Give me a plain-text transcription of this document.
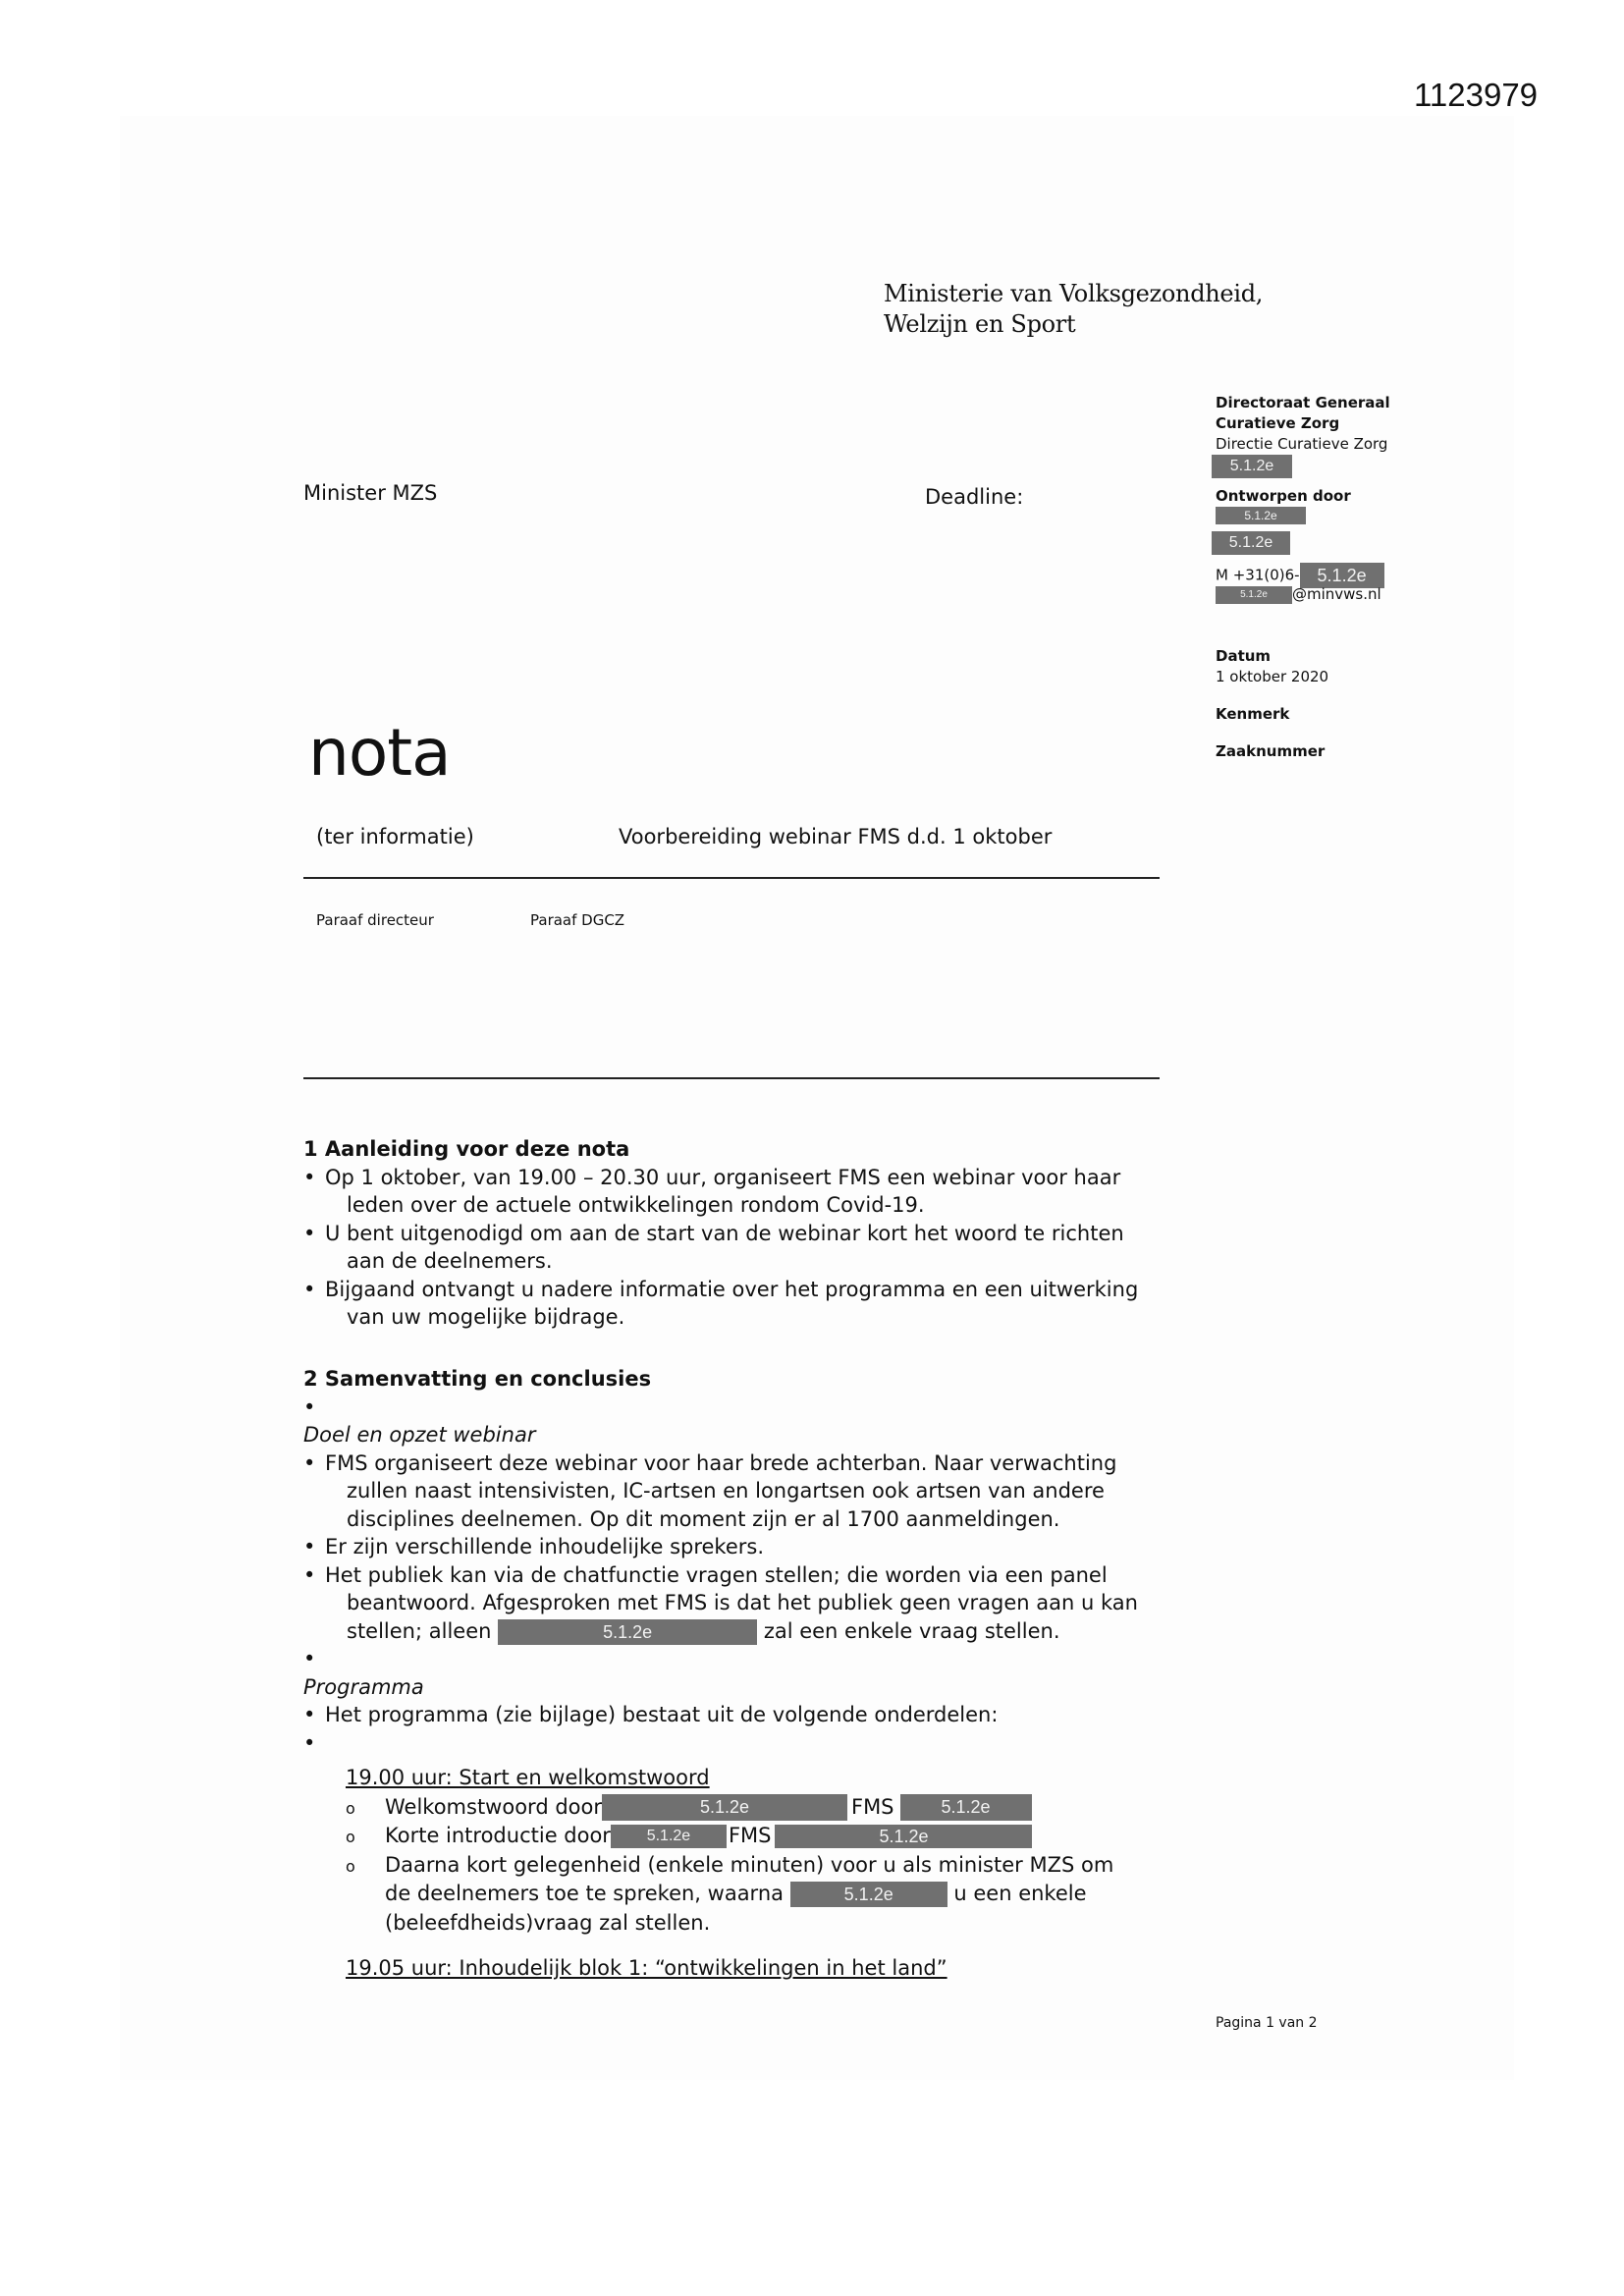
1123979
Ministerie van Volksgezondheid,
Welzijn en Sport
Minister MZS	Deadline:
Directoraat Generaal
Curatieve Zorg
Directie Curatieve Zorg
5.1.2e
Ontworpen door
5.1.2e
5.1.2e
M +31(0)6- 5.1.2e
5.1.2e @minvws.nl
Datum
1 oktober 2020
Kenmerk
Zaaknummer
nota
(ter informatie)	Voorbereiding webinar FMS d.d. 1 oktober
Paraaf directeur	Paraaf DGCZ
1 Aanleiding voor deze nota
• Op 1 oktober, van 19.00 – 20.30 uur, organiseert FMS een webinar voor haar
leden over de actuele ontwikkelingen rondom Covid-19.
• U bent uitgenodigd om aan de start van de webinar kort het woord te richten
aan de deelnemers.
• Bijgaand ontvangt u nadere informatie over het programma en een uitwerking
van uw mogelijke bijdrage.
2 Samenvatting en conclusies
•
Doel en opzet webinar
• FMS organiseert deze webinar voor haar brede achterban. Naar verwachting
zullen naast intensivisten, IC-artsen en longartsen ook artsen van andere
disciplines deelnemen. Op dit moment zijn er al 1700 aanmeldingen.
• Er zijn verschillende inhoudelijke sprekers.
• Het publiek kan via de chatfunctie vragen stellen; die worden via een panel
beantwoord. Afgesproken met FMS is dat het publiek geen vragen aan u kan
stellen; alleen	5.1.2e	zal een enkele vraag stellen.
•
Programma
• Het programma (zie bijlage) bestaat uit de volgende onderdelen:
•
19.00 uur: Start en welkomstwoord
o Welkomstwoord door	5.1.2e	FMS	5.1.2e
o Korte introductie door 5.1.2e FMS	5.1.2e
o Daarna kort gelegenheid (enkele minuten) voor u als minister MZS om
de deelnemers toe te spreken, waarna	5.1.2e	u een enkele
(beleefdheids)vraag zal stellen.
19.05 uur: Inhoudelijk blok 1: “ontwikkelingen in het land”
Pagina 1 van 2
